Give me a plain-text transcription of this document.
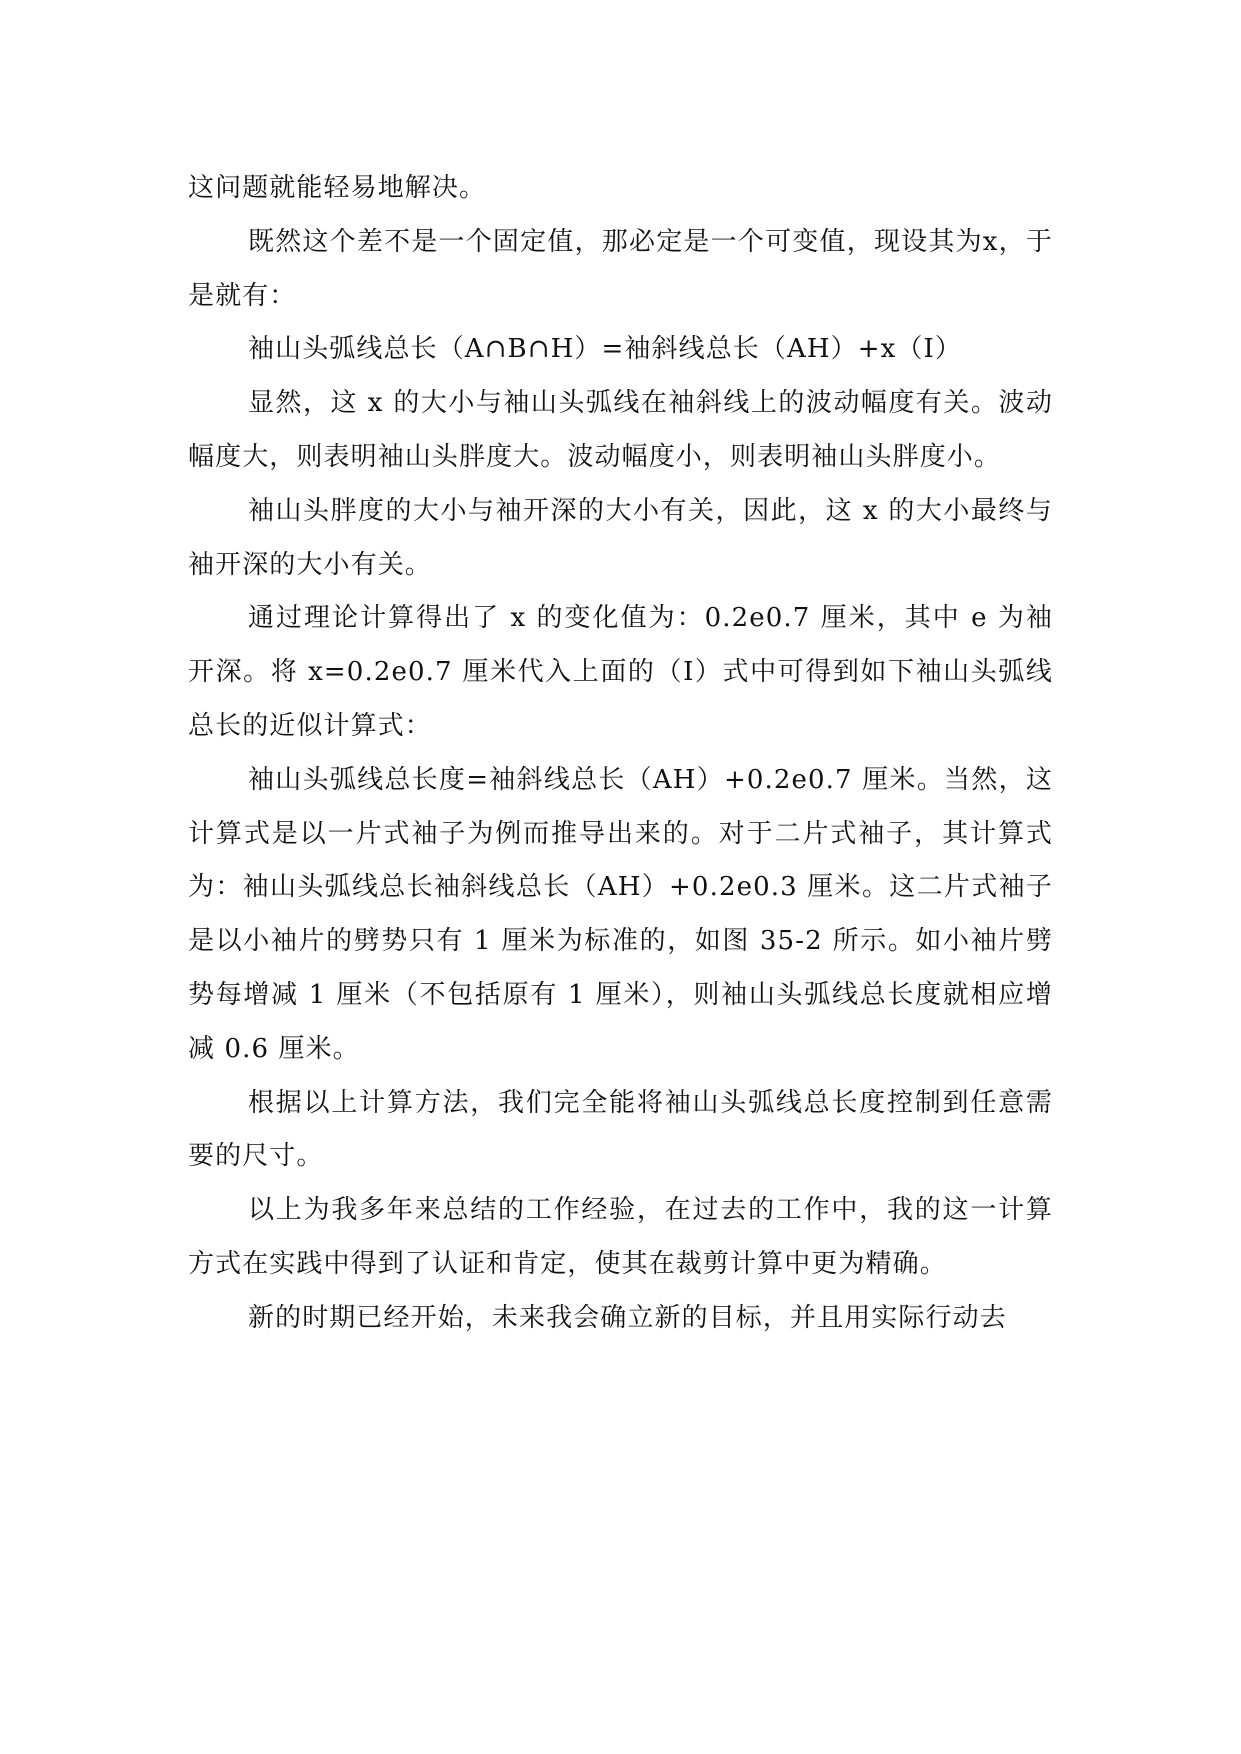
这问题就能轻易地解决。

既然这个差不是一个固定值，那必定是一个可变值，现设其为x，于是就有：

袖山头弧线总长（A∩B∩H）=袖斜线总长（AH）+x（I）

显然，这 x 的大小与袖山头弧线在袖斜线上的波动幅度有关。波动幅度大，则表明袖山头胖度大。波动幅度小，则表明袖山头胖度小。

袖山头胖度的大小与袖开深的大小有关，因此，这 x 的大小最终与袖开深的大小有关。

通过理论计算得出了 x 的变化值为：0.2e0.7 厘米，其中 e 为袖开深。将 x=0.2e0.7 厘米代入上面的（I）式中可得到如下袖山头弧线总长的近似计算式：

袖山头弧线总长度=袖斜线总长（AH）+0.2e0.7 厘米。当然，这计算式是以一片式袖子为例而推导出来的。对于二片式袖子，其计算式为：袖山头弧线总长袖斜线总长（AH）+0.2e0.3 厘米。这二片式袖子是以小袖片的劈势只有 1 厘米为标准的，如图 35-2 所示。如小袖片劈势每增减 1 厘米（不包括原有 1 厘米），则袖山头弧线总长度就相应增减 0.6 厘米。

根据以上计算方法，我们完全能将袖山头弧线总长度控制到任意需要的尺寸。

以上为我多年来总结的工作经验，在过去的工作中，我的这一计算方式在实践中得到了认证和肯定，使其在裁剪计算中更为精确。

新的时期已经开始，未来我会确立新的目标，并且用实际行动去
